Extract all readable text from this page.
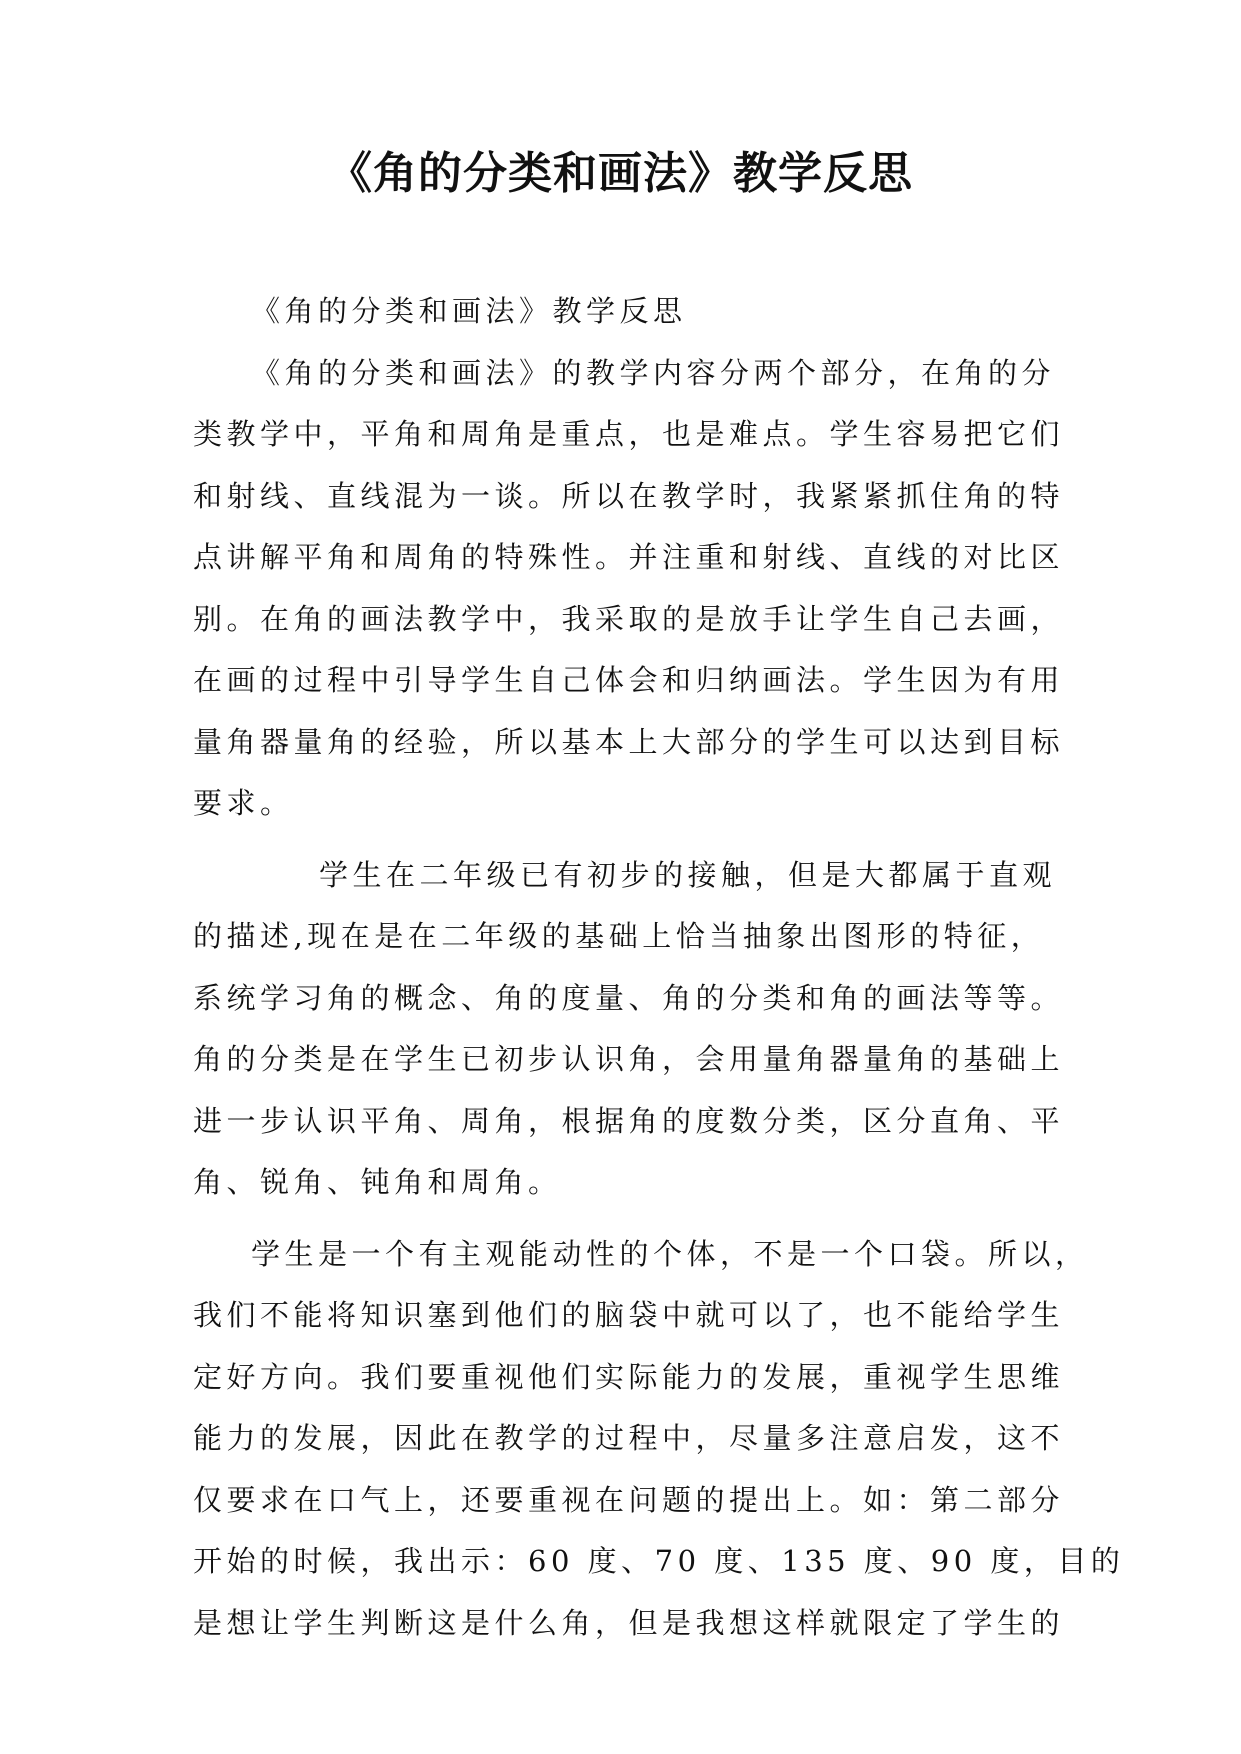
《角的分类和画法》教学反思
《角的分类和画法》教学反思
《角的分类和画法》的教学内容分两个部分，在角的分
类教学中，平角和周角是重点，也是难点。学生容易把它们
和射线、直线混为一谈。所以在教学时，我紧紧抓住角的特
点讲解平角和周角的特殊性。并注重和射线、直线的对比区
别。在角的画法教学中，我采取的是放手让学生自己去画，
在画的过程中引导学生自己体会和归纳画法。学生因为有用
量角器量角的经验，所以基本上大部分的学生可以达到目标
要求。
学生在二年级已有初步的接触，但是大都属于直观
的描述,现在是在二年级的基础上恰当抽象出图形的特征，
系统学习角的概念、角的度量、角的分类和角的画法等等。
角的分类是在学生已初步认识角，会用量角器量角的基础上
进一步认识平角、周角，根据角的度数分类，区分直角、平
角、锐角、钝角和周角。
学生是一个有主观能动性的个体，不是一个口袋。所以，
我们不能将知识塞到他们的脑袋中就可以了，也不能给学生
定好方向。我们要重视他们实际能力的发展，重视学生思维
能力的发展，因此在教学的过程中，尽量多注意启发，这不
仅要求在口气上，还要重视在问题的提出上。如：第二部分
开始的时候，我出示：60 度、70 度、135 度、90 度，目的
是想让学生判断这是什么角，但是我想这样就限定了学生的
